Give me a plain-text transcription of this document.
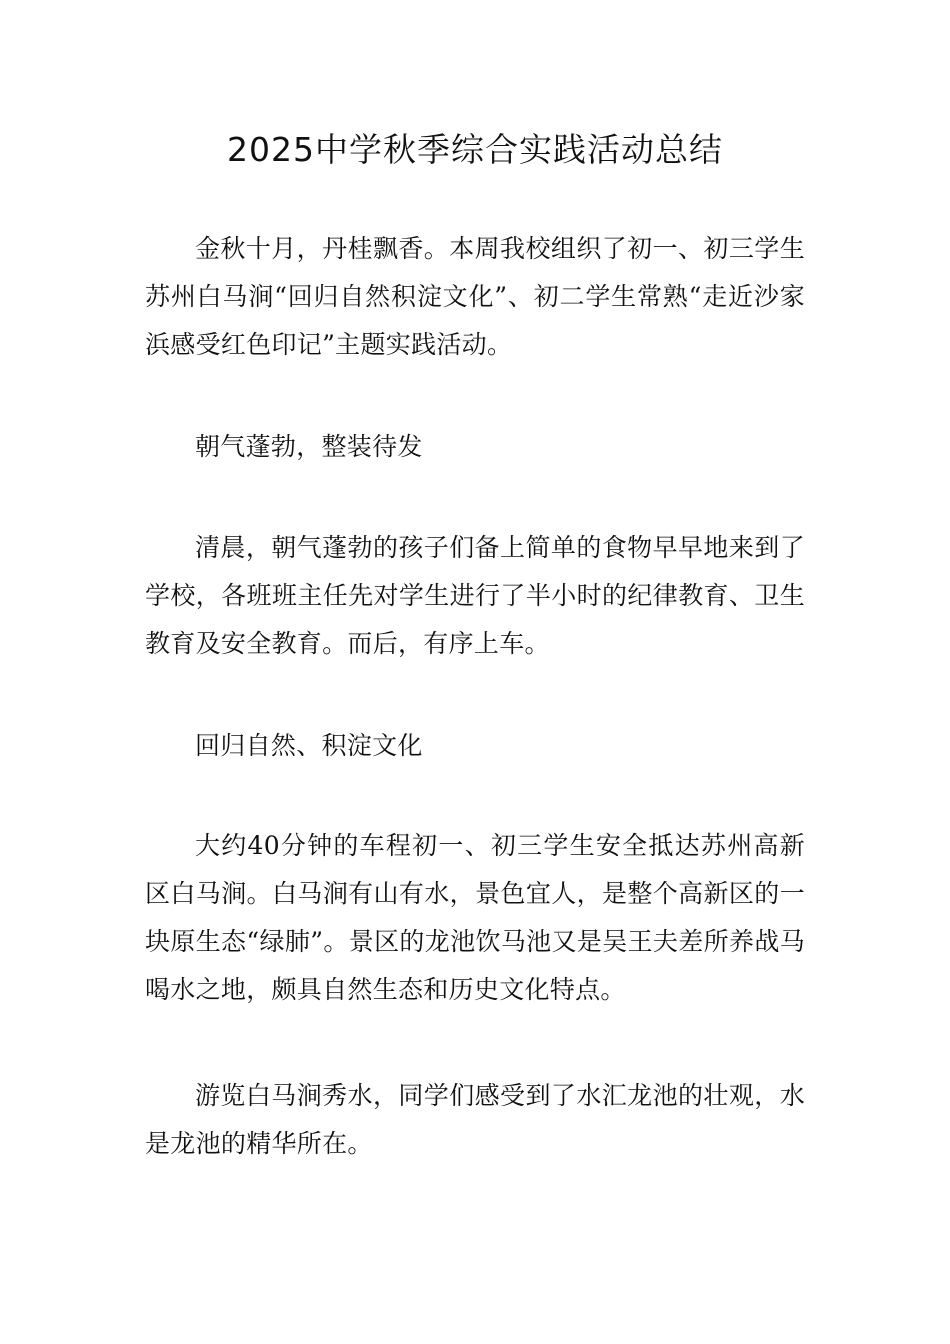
2025中学秋季综合实践活动总结

金秋十月，丹桂飘香。本周我校组织了初一、初三学生苏州白马涧“回归自然积淀文化”、初二学生常熟“走近沙家浜感受红色印记”主题实践活动。

朝气蓬勃，整装待发

清晨，朝气蓬勃的孩子们备上简单的食物早早地来到了学校，各班班主任先对学生进行了半小时的纪律教育、卫生教育及安全教育。而后，有序上车。

回归自然、积淀文化

大约40分钟的车程初一、初三学生安全抵达苏州高新区白马涧。白马涧有山有水，景色宜人，是整个高新区的一块原生态“绿肺”。景区的龙池饮马池又是吴王夫差所养战马喝水之地，颇具自然生态和历史文化特点。

游览白马涧秀水，同学们感受到了水汇龙池的壮观，水是龙池的精华所在。
